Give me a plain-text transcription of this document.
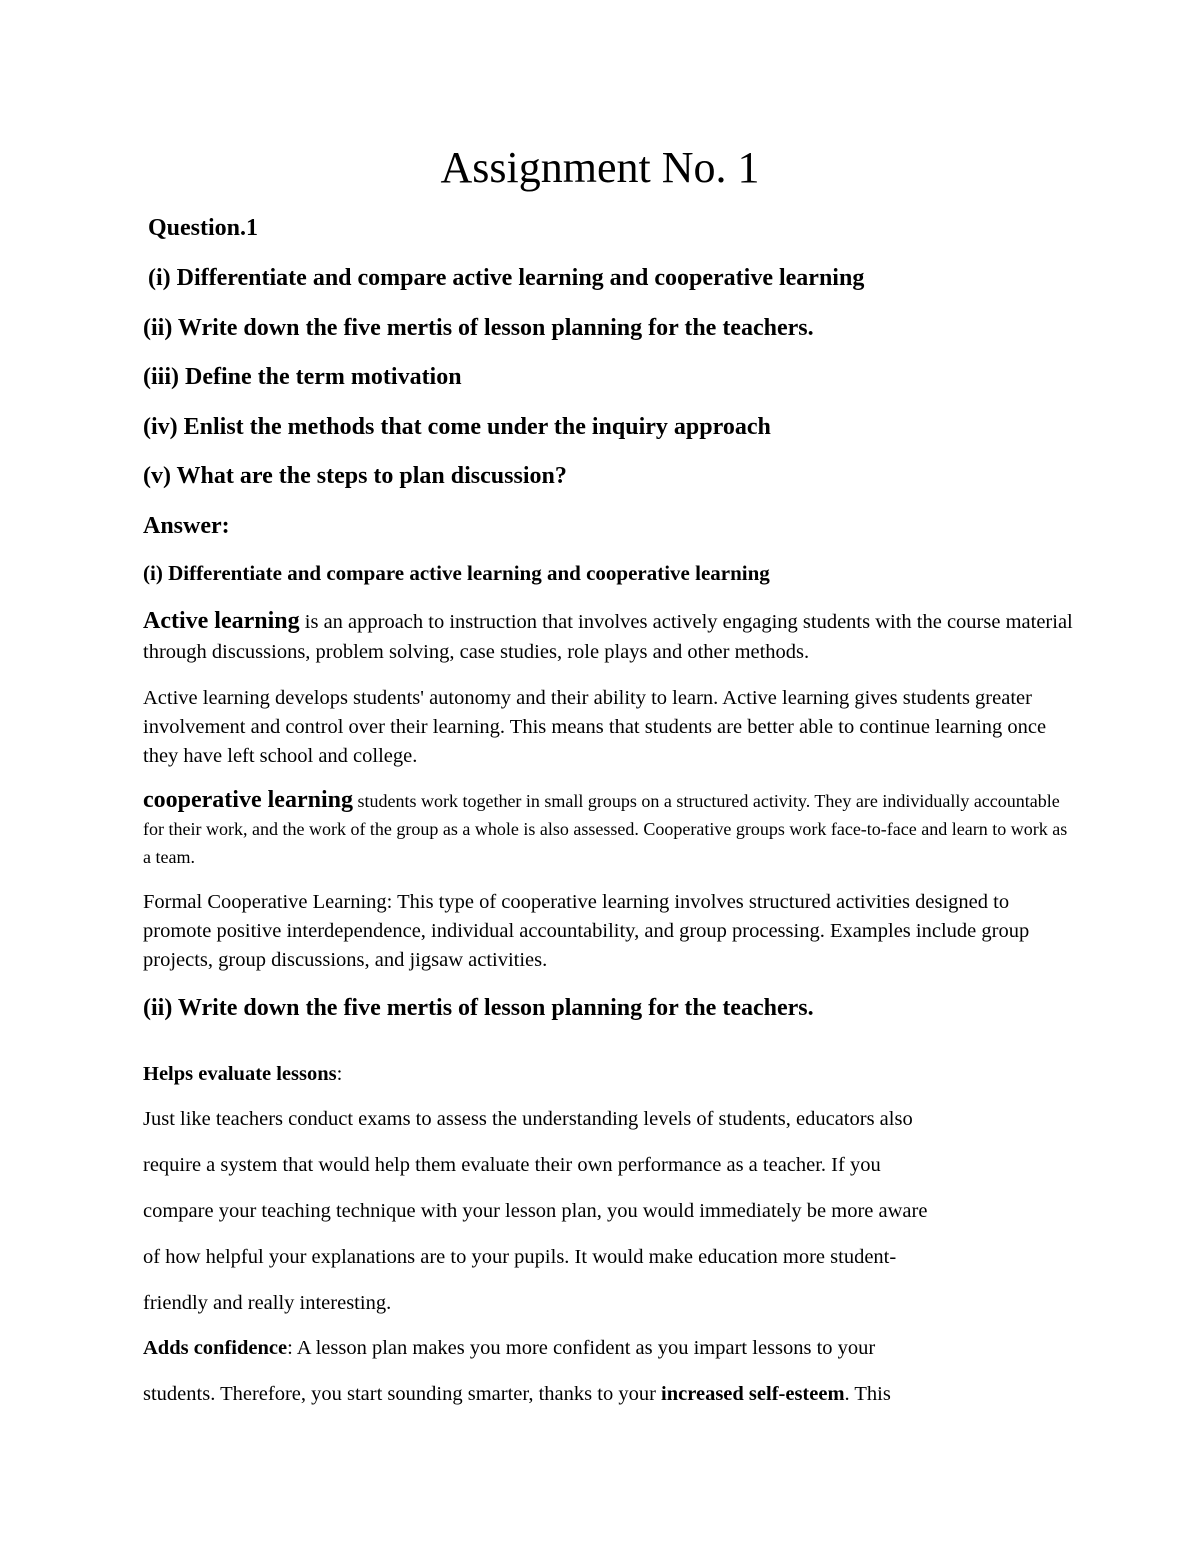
Assignment No. 1
Question.1
(i) Differentiate and compare active learning and cooperative learning
(ii) Write down the five mertis of lesson planning for the teachers.
(iii) Define the term motivation
(iv) Enlist the methods that come under the inquiry approach
(v) What are the steps to plan discussion?
Answer:
(i) Differentiate and compare active learning and cooperative learning

Active learning is an approach to instruction that involves actively engaging students with the course material through discussions, problem solving, case studies, role plays and other methods.

Active learning develops students' autonomy and their ability to learn. Active learning gives students greater involvement and control over their learning. This means that students are better able to continue learning once they have left school and college.

cooperative learning students work together in small groups on a structured activity. They are individually accountable for their work, and the work of the group as a whole is also assessed. Cooperative groups work face-to-face and learn to work as a team.

Formal Cooperative Learning: This type of cooperative learning involves structured activities designed to promote positive interdependence, individual accountability, and group processing. Examples include group projects, group discussions, and jigsaw activities.

(ii) Write down the five mertis of lesson planning for the teachers.
Helps evaluate lessons:
Just like teachers conduct exams to assess the understanding levels of students, educators also
require a system that would help them evaluate their own performance as a teacher. If you
compare your teaching technique with your lesson plan, you would immediately be more aware
of how helpful your explanations are to your pupils. It would make education more student-
friendly and really interesting.
Adds confidence: A lesson plan makes you more confident as you impart lessons to your
students. Therefore, you start sounding smarter, thanks to your increased self-esteem. This
